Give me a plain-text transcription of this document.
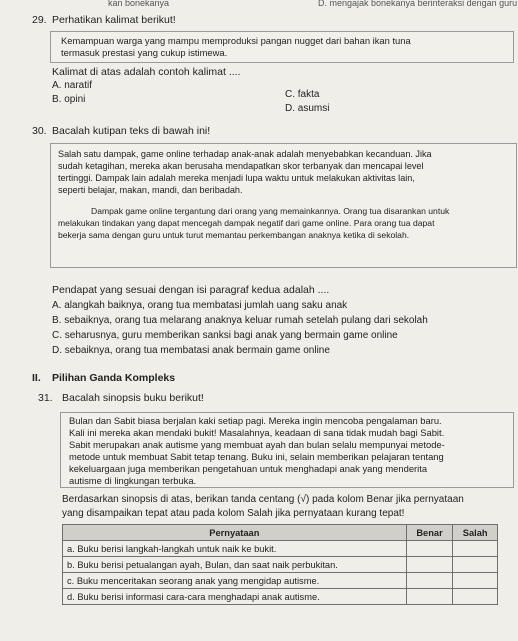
kan bonekanya	D. mengajak bonekanya berinteraksi dengan guru
29. Perhatikan kalimat berikut!
Kemampuan warga yang mampu memproduksi pangan nugget dari bahan ikan tuna
termasuk prestasi yang cukup istimewa.
Kalimat di atas adalah contoh kalimat ....
A. naratif
B. opini	C. fakta
D. asumsi
30. Bacalah kutipan teks di bawah ini!
Salah satu dampak, game online terhadap anak-anak adalah menyebabkan kecanduan. Jika
sudah ketagihan, mereka akan berusaha mendapatkan skor terbanyak dan mencapai level
tertinggi. Dampak lain adalah mereka menjadi lupa waktu untuk melakukan aktivitas lain,
seperti belajar, makan, mandi, dan beribadah.
Dampak game online tergantung dari orang yang memainkannya. Orang tua disarankan untuk
melakukan tindakan yang dapat mencegah dampak negatif dari game online. Para orang tua dapat
bekerja sama dengan guru untuk turut memantau perkembangan anaknya ketika di sekolah.
Pendapat yang sesuai dengan isi paragraf kedua adalah ....
A. alangkah baiknya, orang tua membatasi jumlah uang saku anak
B. sebaiknya, orang tua melarang anaknya keluar rumah setelah pulang dari sekolah
C. seharusnya, guru memberikan sanksi bagi anak yang bermain game online
D. sebaiknya, orang tua membatasi anak bermain game online
II. Pilihan Ganda Kompleks
31. Bacalah sinopsis buku berikut!
Bulan dan Sabit biasa berjalan kaki setiap pagi. Mereka ingin mencoba pengalaman baru.
Kali ini mereka akan mendaki bukit! Masalahnya, keadaan di sana tidak mudah bagi Sabit.
Sabit merupakan anak autisme yang membuat ayah dan bulan selalu mempunyai metode-
metode untuk membuat Sabit tetap tenang. Buku ini, selain memberikan pelajaran tentang
kekeluargaan juga memberikan pengetahuan untuk menghadapi anak yang menderita
autisme di lingkungan terbuka.
Berdasarkan sinopsis di atas, berikan tanda centang (√) pada kolom Benar jika pernyataan
yang disampaikan tepat atau pada kolom Salah jika pernyataan kurang tepat!
Pernyataan	Benar	Salah
a. Buku berisi langkah-langkah untuk naik ke bukit.		
b. Buku berisi petualangan ayah, Bulan, dan saat naik perbukitan.		
c. Buku menceritakan seorang anak yang mengidap autisme.		
d. Buku berisi informasi cara-cara menghadapi anak autisme.		
